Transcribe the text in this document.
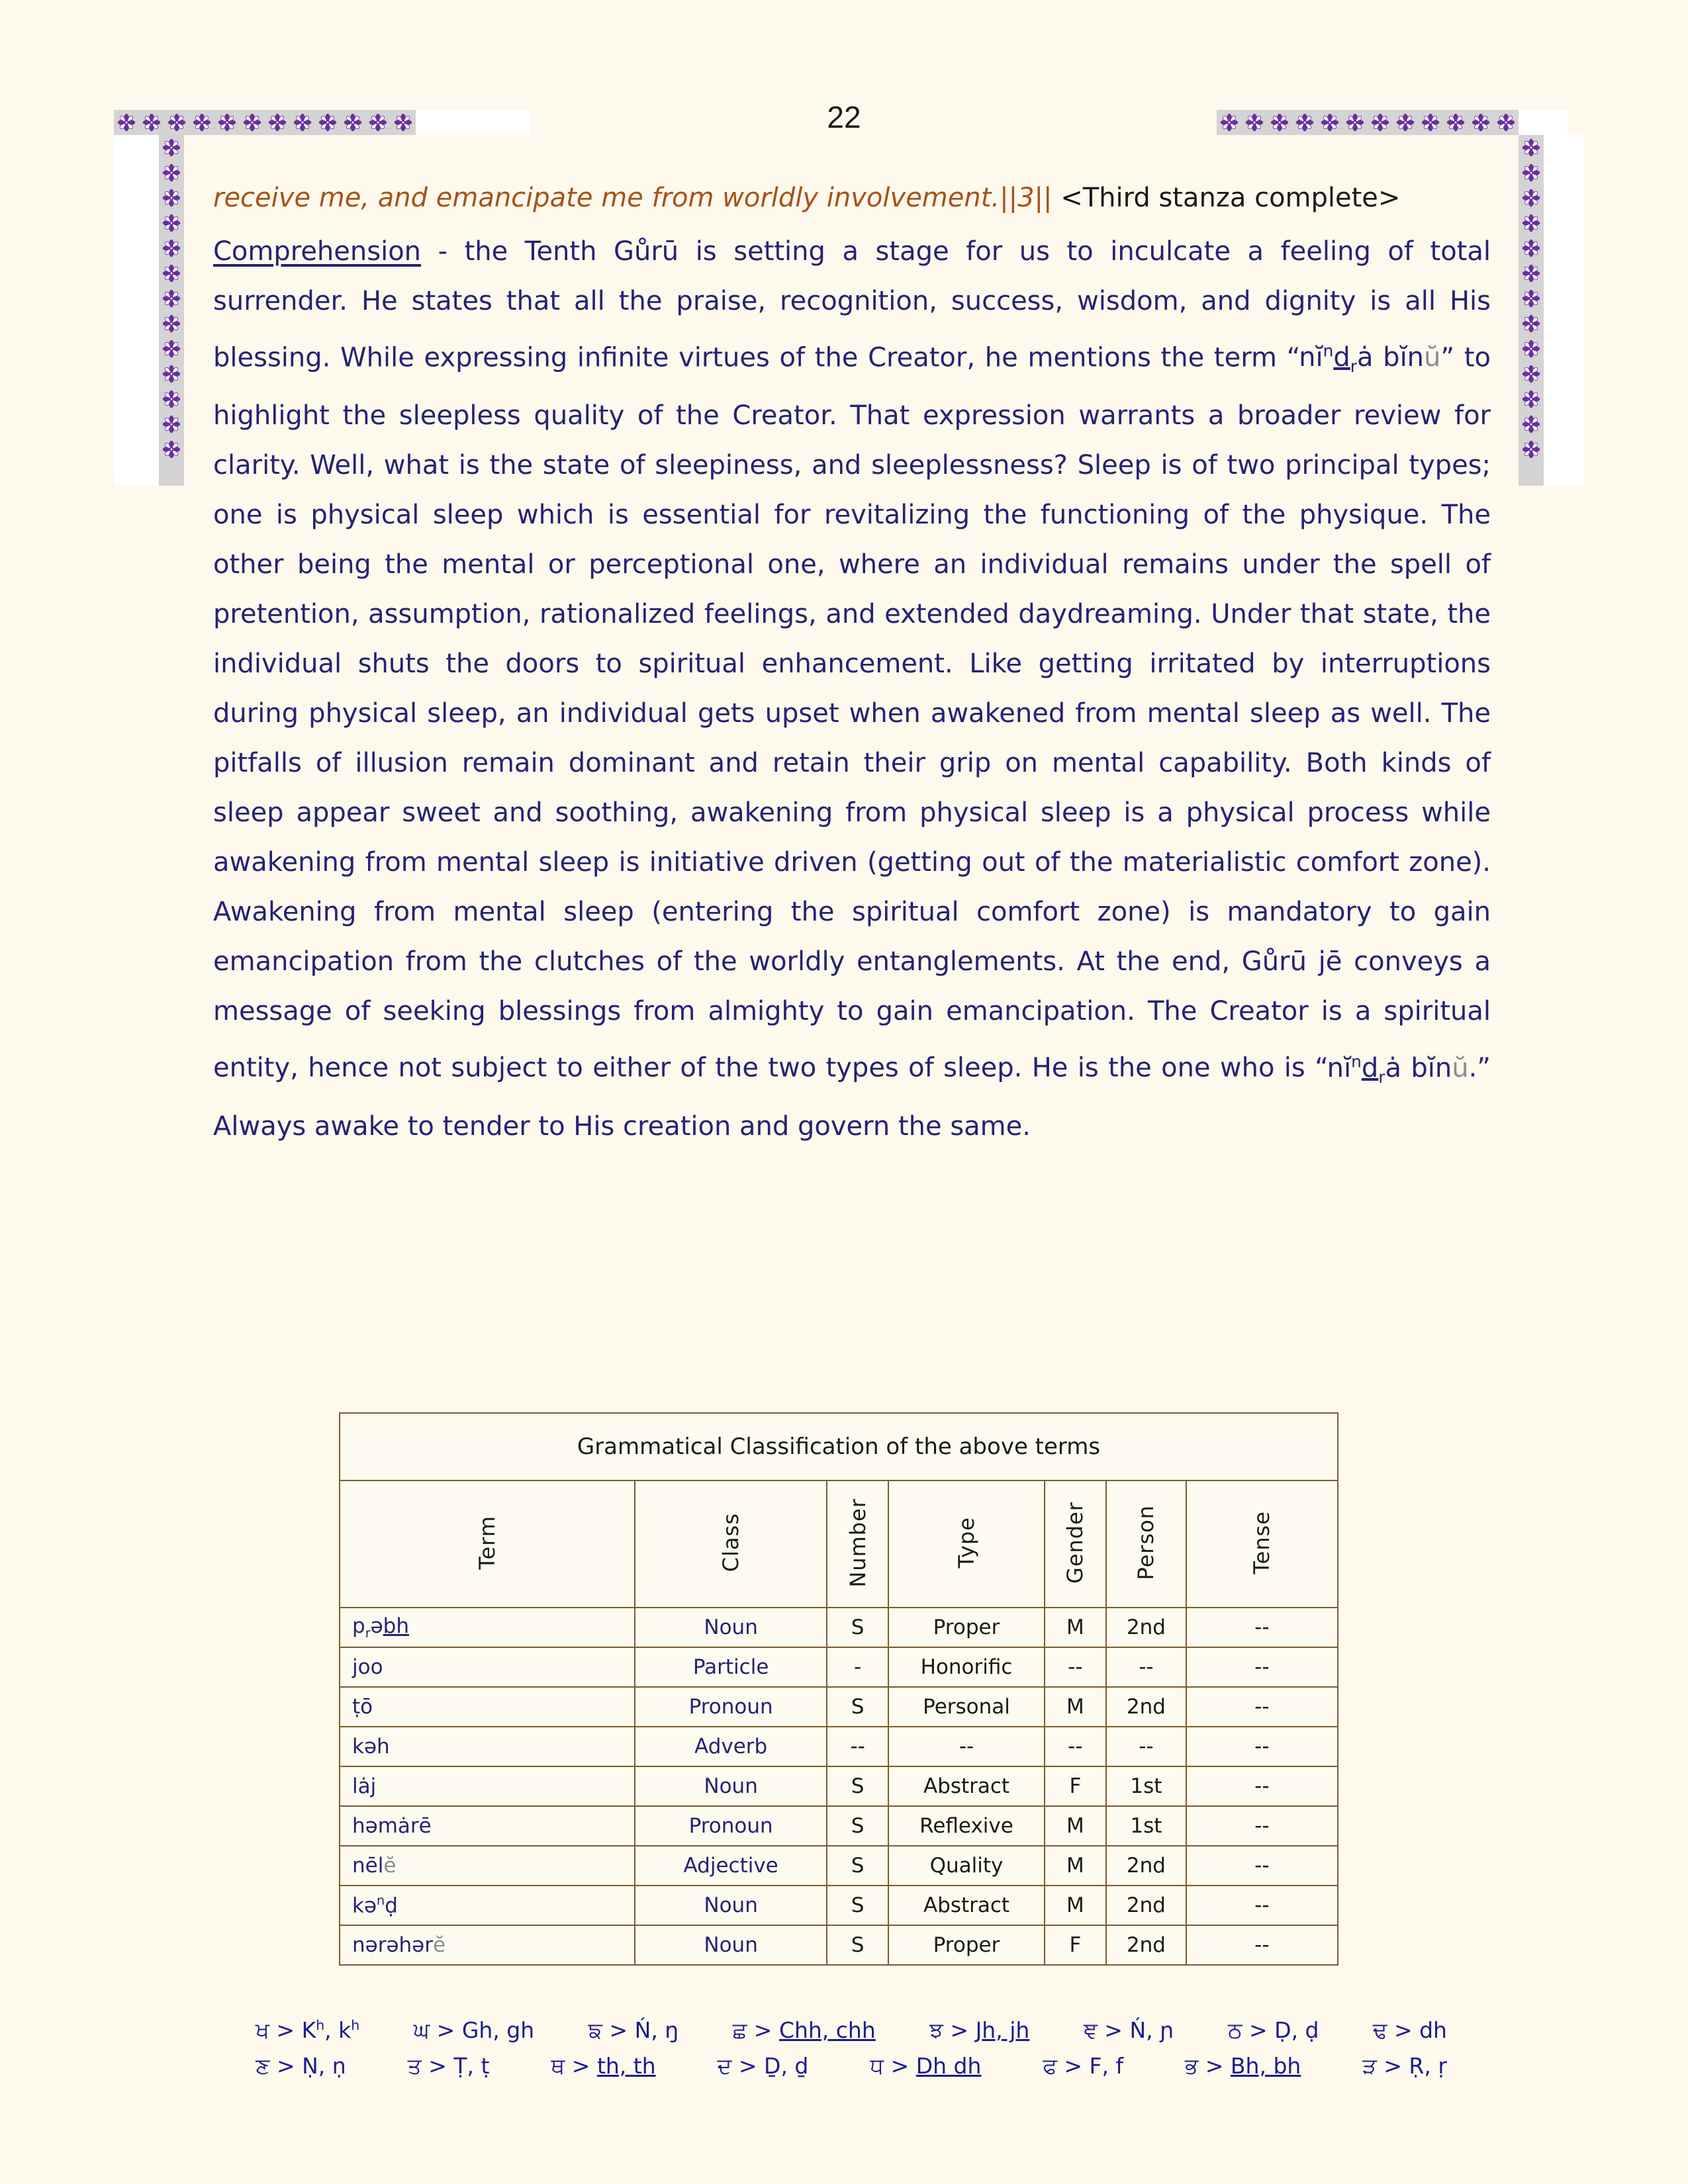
22

receive me, and emancipate me from worldly involvement.||3|| <Third stanza complete>

Comprehension - the Tenth Gůrū is setting a stage for us to inculcate a feeling of total surrender. He states that all the praise, recognition, success, wisdom, and dignity is all His blessing. While expressing infinite virtues of the Creator, he mentions the term “$nĭ^nd_rȧ$ bĭnŭ” to highlight the sleepless quality of the Creator. That expression warrants a broader review for clarity. Well, what is the state of sleepiness, and sleeplessness? Sleep is of two principal types; one is physical sleep which is essential for revitalizing the functioning of the physique. The other being the mental or perceptional one, where an individual remains under the spell of pretention, assumption, rationalized feelings, and extended daydreaming. Under that state, the individual shuts the doors to spiritual enhancement. Like getting irritated by interruptions during physical sleep, an individual gets upset when awakened from mental sleep as well. The pitfalls of illusion remain dominant and retain their grip on mental capability. Both kinds of sleep appear sweet and soothing, awakening from physical sleep is a physical process while awakening from mental sleep is initiative driven (getting out of the materialistic comfort zone). Awakening from mental sleep (entering the spiritual comfort zone) is mandatory to gain emancipation from the clutches of the worldly entanglements. At the end, Gůrū jē conveys a message of seeking blessings from almighty to gain emancipation. The Creator is a spiritual entity, hence not subject to either of the two types of sleep. He is the one who is “$nĭ^nd_rȧ$ bĭnŭ.” Always awake to tender to His creation and govern the same.

Grammatical Classification of the above terms						
Term	Class	Number	Type	Gender	Person	Tense
$p_rəbh$	Noun	S	Proper	M	2nd	--
joo	Particle	-	Honorific	--	--	--
ṭō	Pronoun	S	Personal	M	2nd	--
kəh	Adverb	--	--	--	--	--
lȧj	Noun	S	Abstract	F	1st	--
həmȧrē	Pronoun	S	Reflexive	M	1st	--
nēlĕ	Adjective	S	Quality	M	2nd	--
kə$^n$ḍ	Noun	S	Abstract	M	2nd	--
nərəhərĕ	Noun	S	Proper	F	2nd	--
ਖ > $K^h$, $k^h$ ਘ > Gh, gh ਙ > Ń, ŋ ਛ > Chh, chh ਝ > Jh, jh ਞ > Ń, ɲ ਠ > Ḍ, ḍ ਢ > dh
ਣ > Ṇ, ṇ	ਤ > Ṭ, ṭ	ਥ > th, th	ਦ > Ḏ, ḏ	ਧ > Dh dh	ਫ > F, f	ਭ > Bh, bh	ੜ > Ṛ, ṛ
